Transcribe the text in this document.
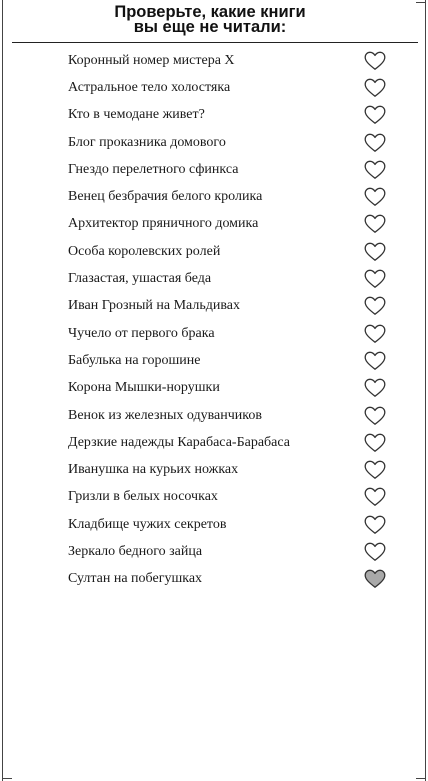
Проверьте, какие книги
вы еще не читали:
Коронный номер мистера Х
Астральное тело холостяка
Кто в чемодане живет?
Блог проказника домового
Гнездо перелетного сфинкса
Венец безбрачия белого кролика
Архитектор пряничного домика
Особа королевских ролей
Глазастая, ушастая беда
Иван Грозный на Мальдивах
Чучело от первого брака
Бабулька на горошине
Корона Мышки-норушки
Венок из железных одуванчиков
Дерзкие надежды Карабаса-Барабаса
Иванушка на курьих ножках
Гризли в белых носочках
Кладбище чужих секретов
Зеркало бедного зайца
Султан на побегушках
